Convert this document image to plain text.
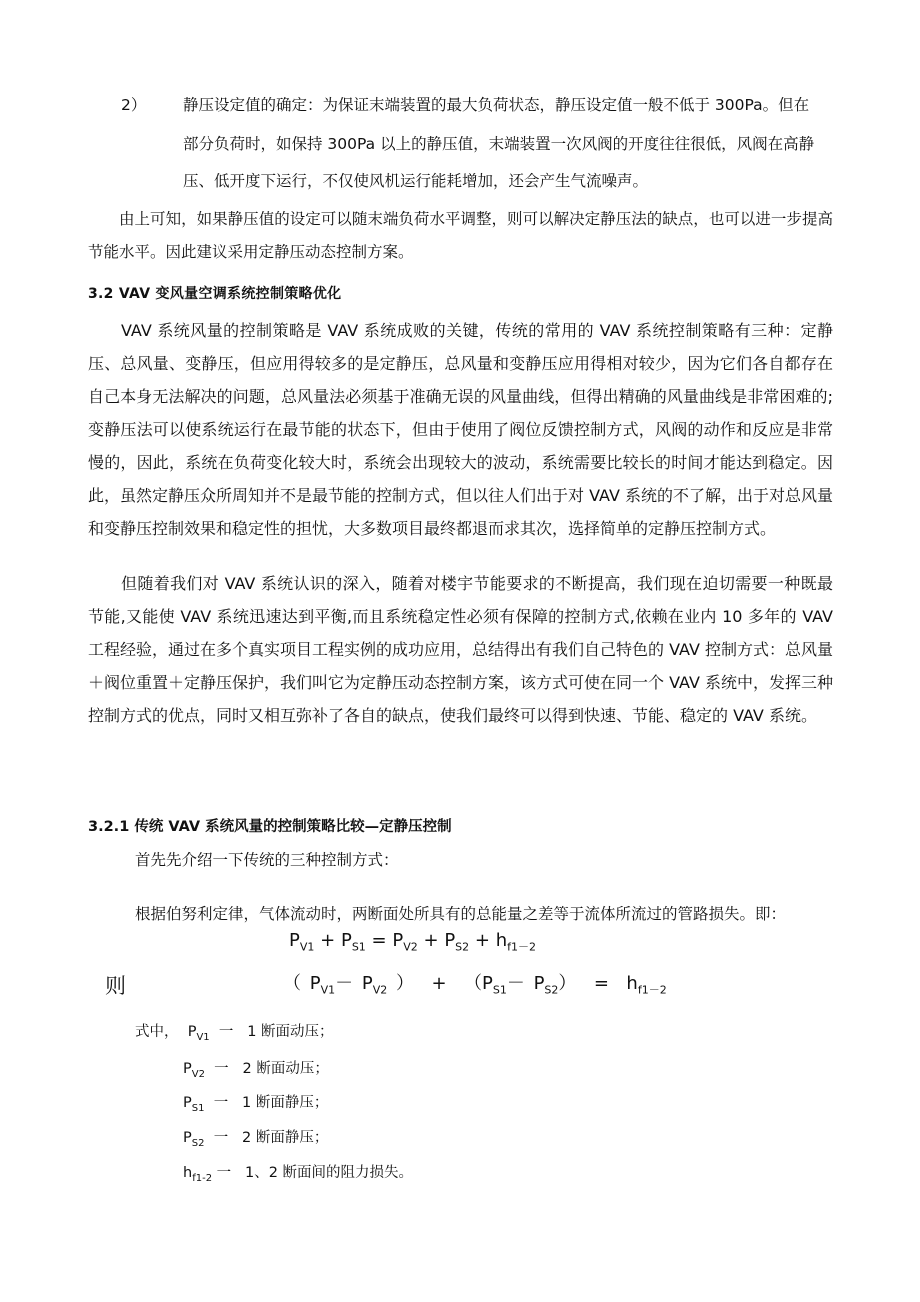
2） 静压设定值的确定：为保证末端装置的最大负荷状态，静压设定值一般不低于 300Pa。但在
部分负荷时，如保持 300Pa 以上的静压值，末端装置一次风阀的开度往往很低，风阀在高静
压、低开度下运行，不仅使风机运行能耗增加，还会产生气流噪声。
由上可知，如果静压值的设定可以随末端负荷水平调整，则可以解决定静压法的缺点，也可以进一步提高节能水平。因此建议采用定静压动态控制方案。
3.2 VAV 变风量空调系统控制策略优化
VAV 系统风量的控制策略是 VAV 系统成败的关键，传统的常用的 VAV 系统控制策略有三种：定静压、总风量、变静压，但应用得较多的是定静压，总风量和变静压应用得相对较少，因为它们各自都存在自己本身无法解决的问题，总风量法必须基于准确无误的风量曲线，但得出精确的风量曲线是非常困难的;变静压法可以使系统运行在最节能的状态下，但由于使用了阀位反馈控制方式，风阀的动作和反应是非常慢的，因此，系统在负荷变化较大时，系统会出现较大的波动，系统需要比较长的时间才能达到稳定。因此，虽然定静压众所周知并不是最节能的控制方式，但以往人们出于对 VAV 系统的不了解，出于对总风量和变静压控制效果和稳定性的担忧，大多数项目最终都退而求其次，选择简单的定静压控制方式。
但随着我们对 VAV 系统认识的深入，随着对楼宇节能要求的不断提高，我们现在迫切需要一种既最节能,又能使 VAV 系统迅速达到平衡,而且系统稳定性必须有保障的控制方式,依赖在业内 10 多年的 VAV 工程经验，通过在多个真实项目工程实例的成功应用，总结得出有我们自己特色的 VAV 控制方式：总风量＋阀位重置＋定静压保护，我们叫它为定静压动态控制方案，该方式可使在同一个 VAV 系统中，发挥三种控制方式的优点，同时又相互弥补了各自的缺点，使我们最终可以得到快速、节能、稳定的 VAV 系统。
3.2.1 传统 VAV 系统风量的控制策略比较—定静压控制
首先先介绍一下传统的三种控制方式：
根据伯努利定律，气体流动时，两断面处所具有的总能量之差等于流体所流过的管路损失。即：
$P_{V1} + P_{S1} = P_{V2} + P_{S2} + h_{f1-2}$
则	（ $P_{V1}- P_{V2}$ ） + $(P_{S1}- P_{S2}) = h_{f1-2}$
式中， $P_{V1}$ 一 1 断面动压；
$P_{V2}$ 一 2 断面动压；
$P_{S1}$ 一 1 断面静压；
$P_{S2}$ 一 2 断面静压；
$h_{f1-2}$ 一 1、2 断面间的阻力损失。
